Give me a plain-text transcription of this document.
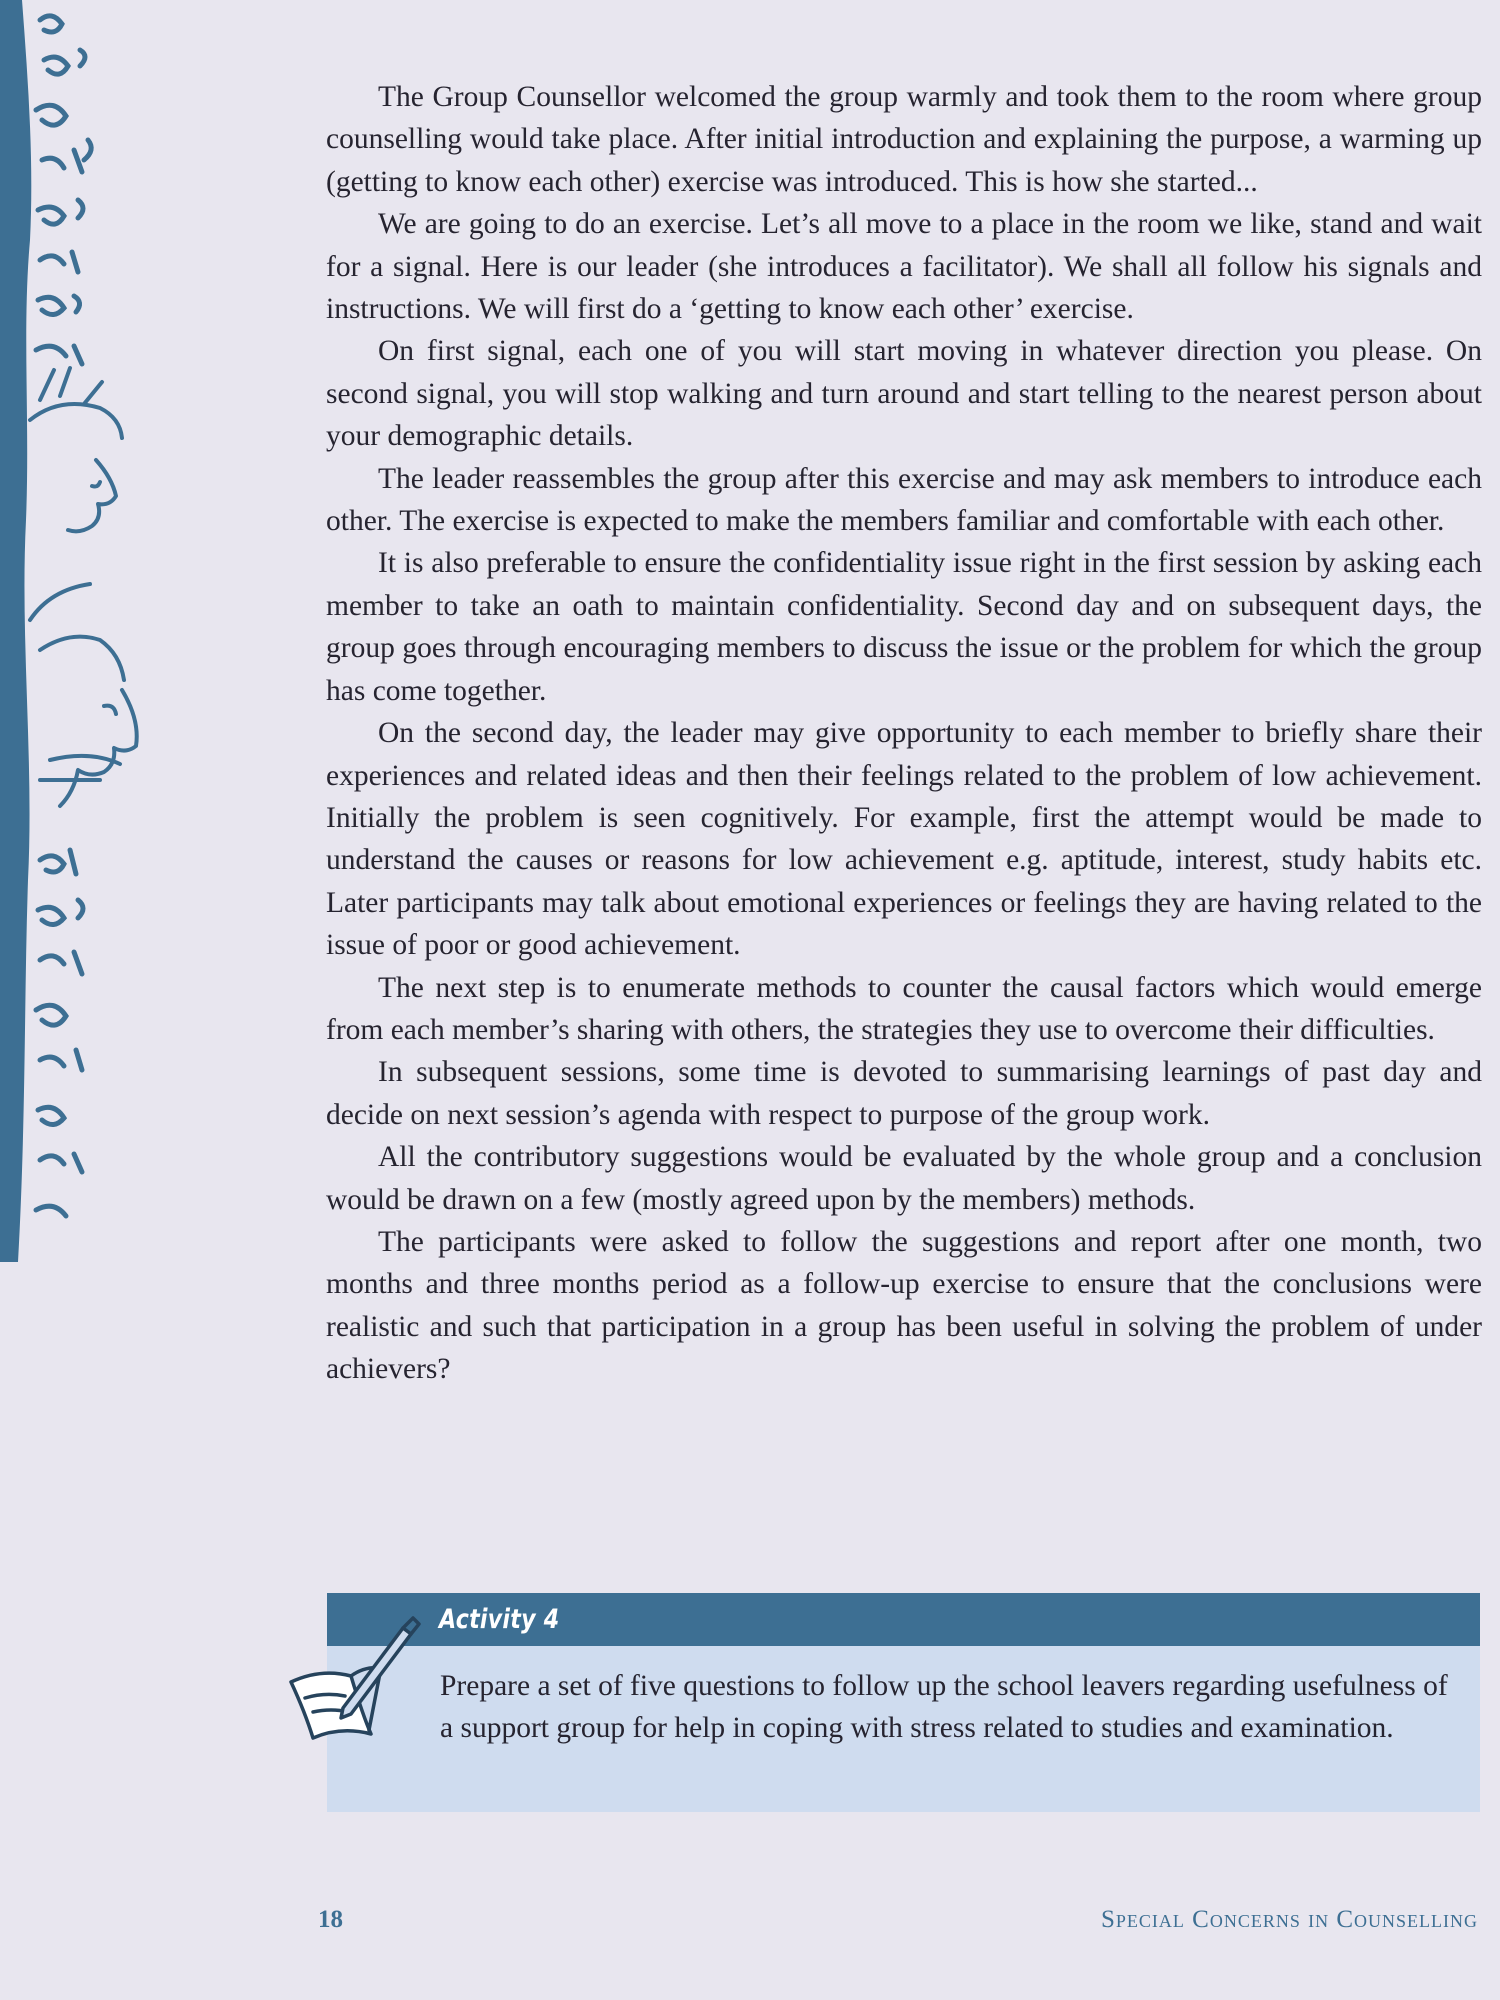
The Group Counsellor welcomed the group warmly and took them to the room where group counselling would take place. After initial introduction and explaining the purpose, a warming up (getting to know each other) exercise was introduced. This is how she started...

We are going to do an exercise. Let’s all move to a place in the room we like, stand and wait for a signal. Here is our leader (she introduces a facilitator). We shall all follow his signals and instructions. We will first do a ‘getting to know each other’ exercise.

On first signal, each one of you will start moving in whatever direction you please. On second signal, you will stop walking and turn around and start telling to the nearest person about your demographic details.

The leader reassembles the group after this exercise and may ask members to introduce each other. The exercise is expected to make the members familiar and comfortable with each other.

It is also preferable to ensure the confidentiality issue right in the first session by asking each member to take an oath to maintain confidentiality. Second day and on subsequent days, the group goes through encouraging members to discuss the issue or the problem for which the group has come together.

On the second day, the leader may give opportunity to each member to briefly share their experiences and related ideas and then their feelings related to the problem of low achievement. Initially the problem is seen cognitively. For example, first the attempt would be made to understand the causes or reasons for low achievement e.g. aptitude, interest, study habits etc. Later participants may talk about emotional experiences or feelings they are having related to the issue of poor or good achievement.

The next step is to enumerate methods to counter the causal factors which would emerge from each member’s sharing with others, the strategies they use to overcome their difficulties.

In subsequent sessions, some time is devoted to summarising learnings of past day and decide on next session’s agenda with respect to purpose of the group work.

All the contributory suggestions would be evaluated by the whole group and a conclusion would be drawn on a few (mostly agreed upon by the members) methods.

The participants were asked to follow the suggestions and report after one month, two months and three months period as a follow-up exercise to ensure that the conclusions were realistic and such that participation in a group has been useful in solving the problem of under achievers?

Activity 4
Prepare a set of five questions to follow up the school leavers regarding usefulness of a support group for help in coping with stress related to studies and examination.
18	Special Concerns in Counselling
